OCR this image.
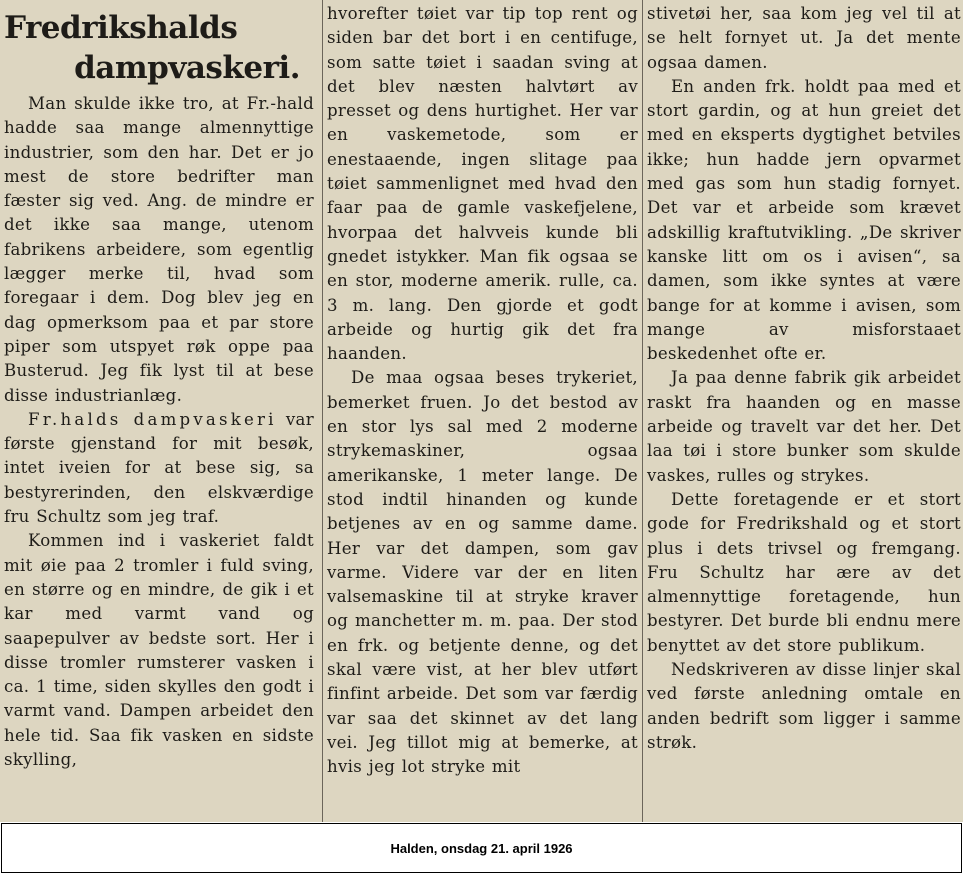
Fredrikshalds
dampvaskeri.

Man skulde ikke tro, at Fr.-hald hadde saa mange almennyttige industrier, som den har. Det er jo mest de store bedrifter man fæster sig ved. Ang. de mindre er det ikke saa mange, utenom fabrikens arbeidere, som egentlig lægger merke til, hvad som foregaar i dem. Dog blev jeg en dag opmerksom paa et par store piper som utspyet røk oppe paa Busterud. Jeg fik lyst til at bese disse industrianlæg.

Fr.halds dampvaskeri var første gjenstand for mit besøk, intet iveien for at bese sig, sa bestyrerinden, den elskværdige fru Schultz som jeg traf.

Kommen ind i vaskeriet faldt mit øie paa 2 tromler i fuld sving, en større og en mindre, de gik i et kar med varmt vand og saapepulver av bedste sort. Her i disse tromler rumsterer vasken i ca. 1 time, siden skylles den godt i varmt vand. Dampen arbeidet den hele tid. Saa fik vasken en sidste skylling,

hvorefter tøiet var tip top rent og siden bar det bort i en centifuge, som satte tøiet i saadan sving at det blev næsten halvtørt av presset og dens hurtighet. Her var en vaskemetode, som er enestaaende, ingen slitage paa tøiet sammenlignet med hvad den faar paa de gamle vaskefjelene, hvorpaa det halvveis kunde bli gnedet istykker. Man fik ogsaa se en stor, moderne amerik. rulle, ca. 3 m. lang. Den gjorde et godt arbeide og hurtig gik det fra haanden.

De maa ogsaa beses trykeriet, bemerket fruen. Jo det bestod av en stor lys sal med 2 moderne strykemaskiner, ogsaa amerikanske, 1 meter lange. De stod indtil hinanden og kunde betjenes av en og samme dame. Her var det dampen, som gav varme. Videre var der en liten valsemaskine til at stryke kraver og manchetter m. m. paa. Der stod en frk. og betjente denne, og det skal være vist, at her blev utført finfint arbeide. Det som var færdig var saa det skinnet av det lang vei. Jeg tillot mig at bemerke, at hvis jeg lot stryke mit

stivetøi her, saa kom jeg vel til at se helt fornyet ut. Ja det mente ogsaa damen.

En anden frk. holdt paa med et stort gardin, og at hun greiet det med en eksperts dygtighet betviles ikke; hun hadde jern opvarmet med gas som hun stadig fornyet. Det var et arbeide som krævet adskillig kraftutvikling. „De skriver kanske litt om os i avisen“, sa damen, som ikke syntes at være bange for at komme i avisen, som mange av misforstaaet beskedenhet ofte er.

Ja paa denne fabrik gik arbeidet raskt fra haanden og en masse arbeide og travelt var det her. Det laa tøi i store bunker som skulde vaskes, rulles og strykes.

Dette foretagende er et stort gode for Fredrikshald og et stort plus i dets trivsel og fremgang. Fru Schultz har ære av det almennyttige foretagende, hun bestyrer. Det burde bli endnu mere benyttet av det store publikum.

Nedskriveren av disse linjer skal ved første anledning omtale en anden bedrift som ligger i samme strøk.

Halden, onsdag 21. april 1926
